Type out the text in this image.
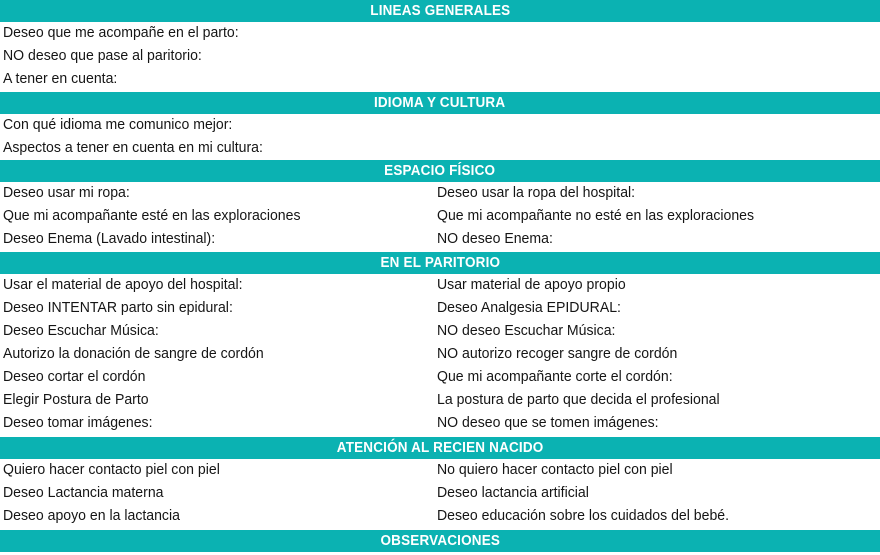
LINEAS GENERALES
Deseo que me acompañe en el parto:
NO deseo que pase al paritorio:
A tener en cuenta:
IDIOMA Y CULTURA
Con qué idioma me comunico mejor:
Aspectos a tener en cuenta en mi cultura:
ESPACIO FÍSICO
Deseo usar mi ropa:	Deseo usar la ropa del hospital:
Que mi acompañante esté en las exploraciones	Que mi acompañante no esté en las exploraciones
Deseo Enema (Lavado intestinal):	NO deseo Enema:
EN EL PARITORIO
Usar el material de apoyo del hospital:	Usar material de apoyo propio
Deseo INTENTAR parto sin epidural:	Deseo Analgesia EPIDURAL:
Deseo Escuchar Música:	NO deseo Escuchar Música:
Autorizo la donación de sangre de cordón	NO autorizo recoger sangre de cordón
Deseo cortar el cordón	Que mi acompañante corte el cordón:
Elegir Postura de Parto	La postura de parto que decida el profesional
Deseo tomar imágenes:	NO deseo que se tomen imágenes:
ATENCIÓN AL RECIEN NACIDO
Quiero hacer contacto piel con piel	No quiero hacer contacto piel con piel
Deseo Lactancia materna	Deseo lactancia artificial
Deseo apoyo en la lactancia	Deseo educación sobre los cuidados del bebé.
OBSERVACIONES
